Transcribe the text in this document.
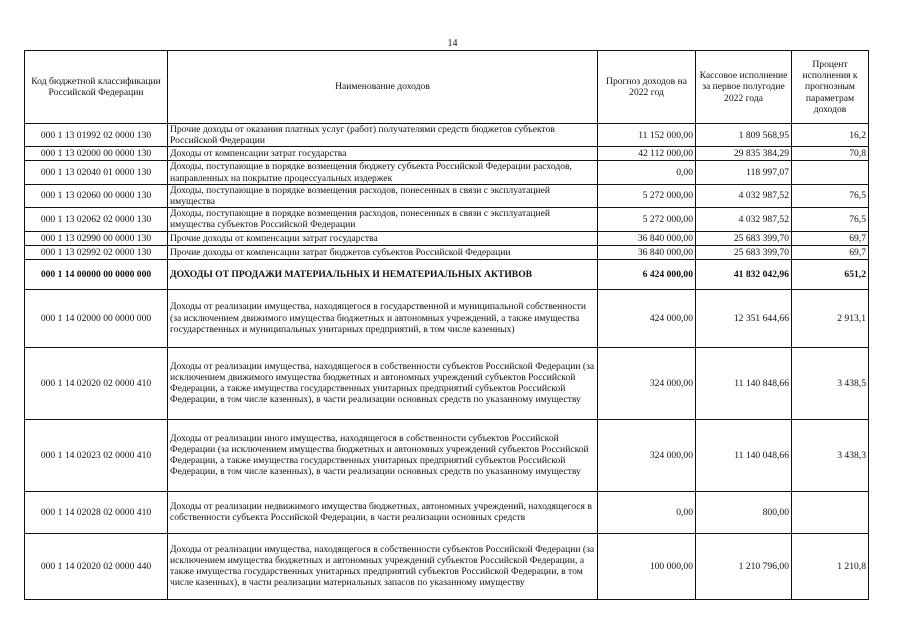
14
Код бюджетной классификации Российской Федерации	Наименование доходов	Прогноз доходов на 2022 год	Кассовое исполнение за первое полугодие 2022 года	Процент исполнения к прогнозным параметрам доходов
000 1 13 01992 02 0000 130	Прочие доходы от оказания платных услуг (работ) получателями средств бюджетов субъектов Российской Федерации	11 152 000,00	1 809 568,95	16,2
000 1 13 02000 00 0000 130	Доходы от компенсации затрат государства	42 112 000,00	29 835 384,29	70,8
000 1 13 02040 01 0000 130	Доходы, поступающие в порядке возмещения бюджету субъекта Российской Федерации расходов, направленных на покрытие процессуальных издержек	0,00	118 997,07	
000 1 13 02060 00 0000 130	Доходы, поступающие в порядке возмещения расходов, понесенных в связи с эксплуатацией имущества	5 272 000,00	4 032 987,52	76,5
000 1 13 02062 02 0000 130	Доходы, поступающие в порядке возмещения расходов, понесенных в связи с эксплуатацией имущества субъектов Российской Федерации	5 272 000,00	4 032 987,52	76,5
000 1 13 02990 00 0000 130	Прочие доходы от компенсации затрат государства	36 840 000,00	25 683 399,70	69,7
000 1 13 02992 02 0000 130	Прочие доходы от компенсации затрат бюджетов субъектов Российской Федерации	36 840 000,00	25 683 399,70	69,7
000 1 14 00000 00 0000 000	ДОХОДЫ ОТ ПРОДАЖИ МАТЕРИАЛЬНЫХ И НЕМАТЕРИАЛЬНЫХ АКТИВОВ	6 424 000,00	41 832 042,96	651,2
000 1 14 02000 00 0000 000	Доходы от реализации имущества, находящегося в государственной и муниципальной собственности (за исключением движимого имущества бюджетных и автономных учреждений, а также имущества государственных и муниципальных унитарных предприятий, в том числе казенных)	424 000,00	12 351 644,66	2 913,1
000 1 14 02020 02 0000 410	Доходы от реализации имущества, находящегося в собственности субъектов Российской Федерации (за исключением движимого имущества бюджетных и автономных учреждений субъектов Российской Федерации, а также имущества государственных унитарных предприятий субъектов Российской Федерации, в том числе казенных), в части реализации основных средств по указанному имуществу	324 000,00	11 140 848,66	3 438,5
000 1 14 02023 02 0000 410	Доходы от реализации иного имущества, находящегося в собственности субъектов Российской Федерации (за исключением имущества бюджетных и автономных учреждений субъектов Российской Федерации, а также имущества государственных унитарных предприятий субъектов Российской Федерации, в том числе казенных), в части реализации основных средств по указанному имуществу	324 000,00	11 140 048,66	3 438,3
000 1 14 02028 02 0000 410	Доходы от реализации недвижимого имущества бюджетных, автономных учреждений, находящегося в собственности субъекта Российской Федерации, в части реализации основных средств	0,00	800,00	
000 1 14 02020 02 0000 440	Доходы от реализации имущества, находящегося в собственности субъектов Российской Федерации (за исключением имущества бюджетных и автономных учреждений субъектов Российской Федерации, а также имущества государственных унитарных предприятий субъектов Российской Федерации, в том числе казенных), в части реализации материальных запасов по указанному имуществу	100 000,00	1 210 796,00	1 210,8
